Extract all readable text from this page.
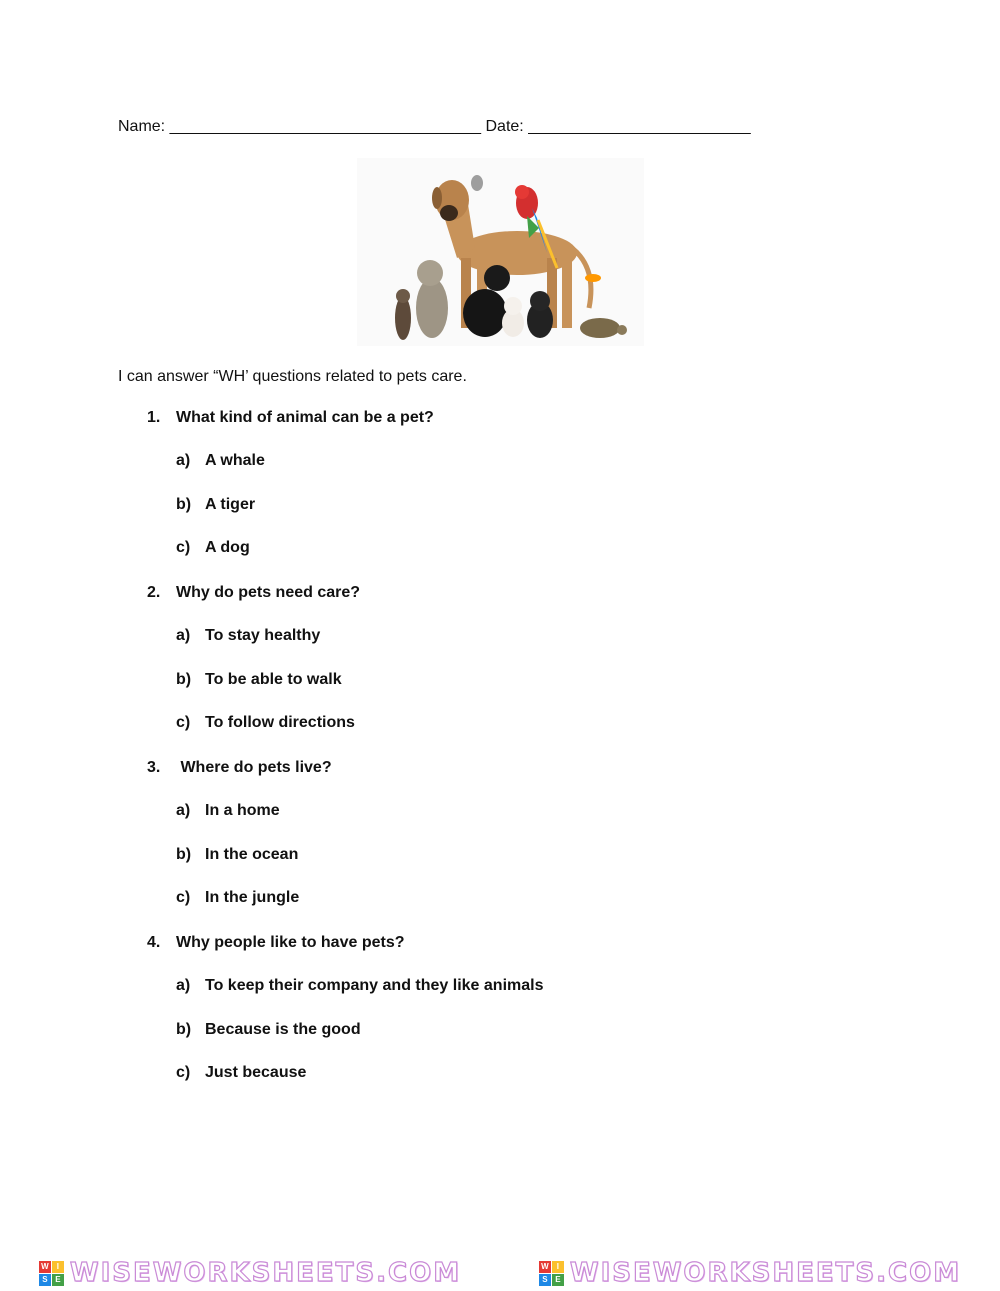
Name: ___________________________________ Date: _________________________
I can answer “WH’ questions related to pets care.
1. What kind of animal can be a pet?
a) A whale
b) A tiger
c) A dog
2. Why do pets need care?
a) To stay healthy
b) To be able to walk
c) To follow directions
3. Where do pets live?
a) In a home
b) In the ocean
c) In the jungle
4. Why people like to have pets?
a) To keep their company and they like animals
b) Because is the good
c) Just because
W	I
S E WISEWORKSHEETS.COM	W	I
S E WISEWORKSHEETS.COM
